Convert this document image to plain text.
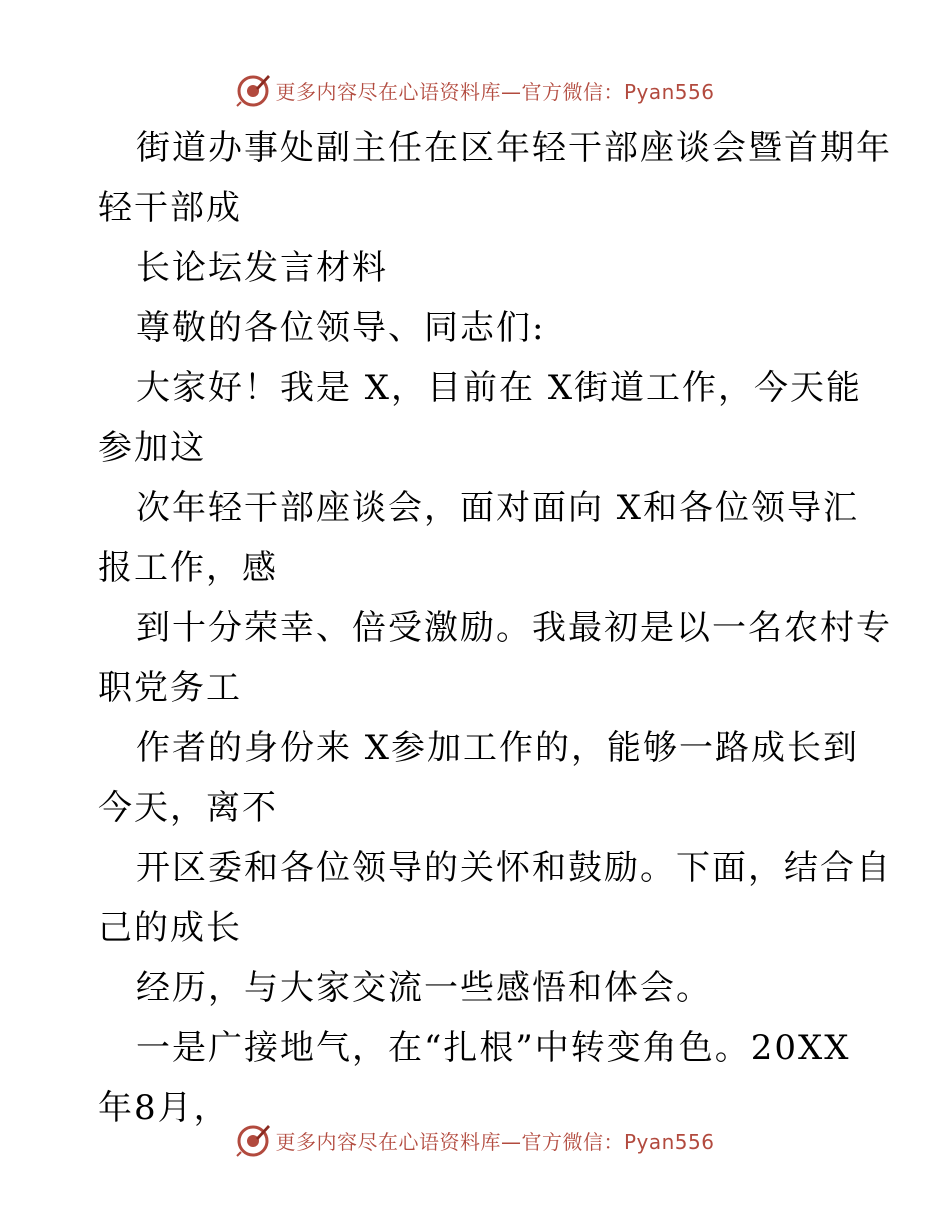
更多内容尽在心语资料库—官方微信：Pyan556
街道办事处副主任在区年轻干部座谈会暨首期年
轻干部成
长论坛发言材料
尊敬的各位领导、同志们:
大家好！我是 X，目前在 X街道工作，今天能
参加这
次年轻干部座谈会，面对面向 X和各位领导汇
报工作，感
到十分荣幸、倍受激励。我最初是以一名农村专
职党务工
作者的身份来 X参加工作的，能够一路成长到
今天，离不
开区委和各位领导的关怀和鼓励。下面，结合自
己的成长
经历，与大家交流一些感悟和体会。
一是广接地气，在“扎根”中转变角色。20XX
年8月，
更多内容尽在心语资料库—官方微信：Pyan556
